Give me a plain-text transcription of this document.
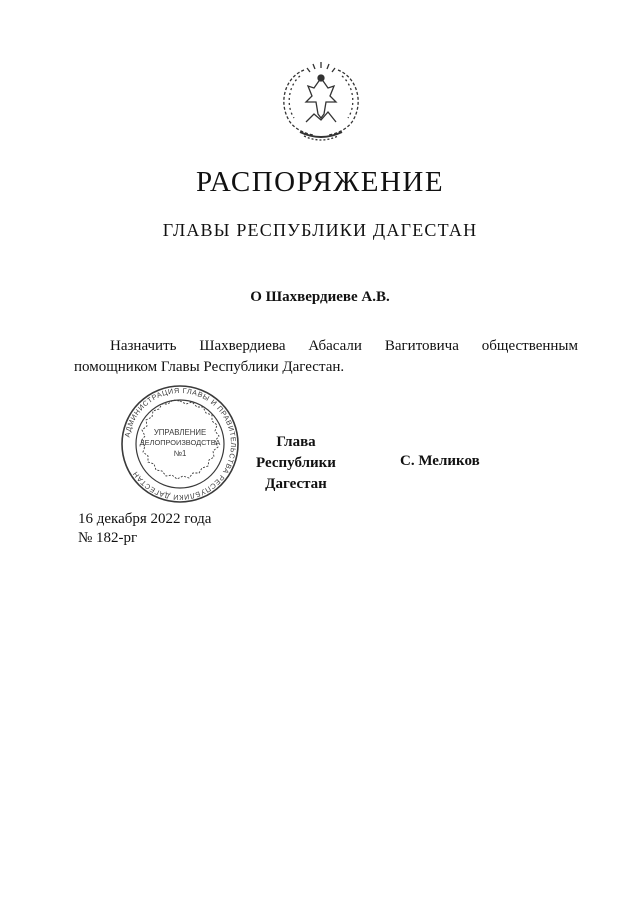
РАСПОРЯЖЕНИЕ
ГЛАВЫ РЕСПУБЛИКИ ДАГЕСТАН
О Шахвердиеве А.В.
Назначить Шахвердиева Абасали Вагитовича общественным помощником Главы Республики Дагестан.
АДМИНИСТРАЦИЯ ГЛАВЫ И ПРАВИТЕЛЬСТВА РЕСПУБЛИКИ ДАГЕСТАН
УПРАВЛЕНИЕ
ДЕЛОПРОИЗВОДСТВА
№1
Глава
Республики Дагестан
С. Меликов
16 декабря 2022 года
№ 182-рг
